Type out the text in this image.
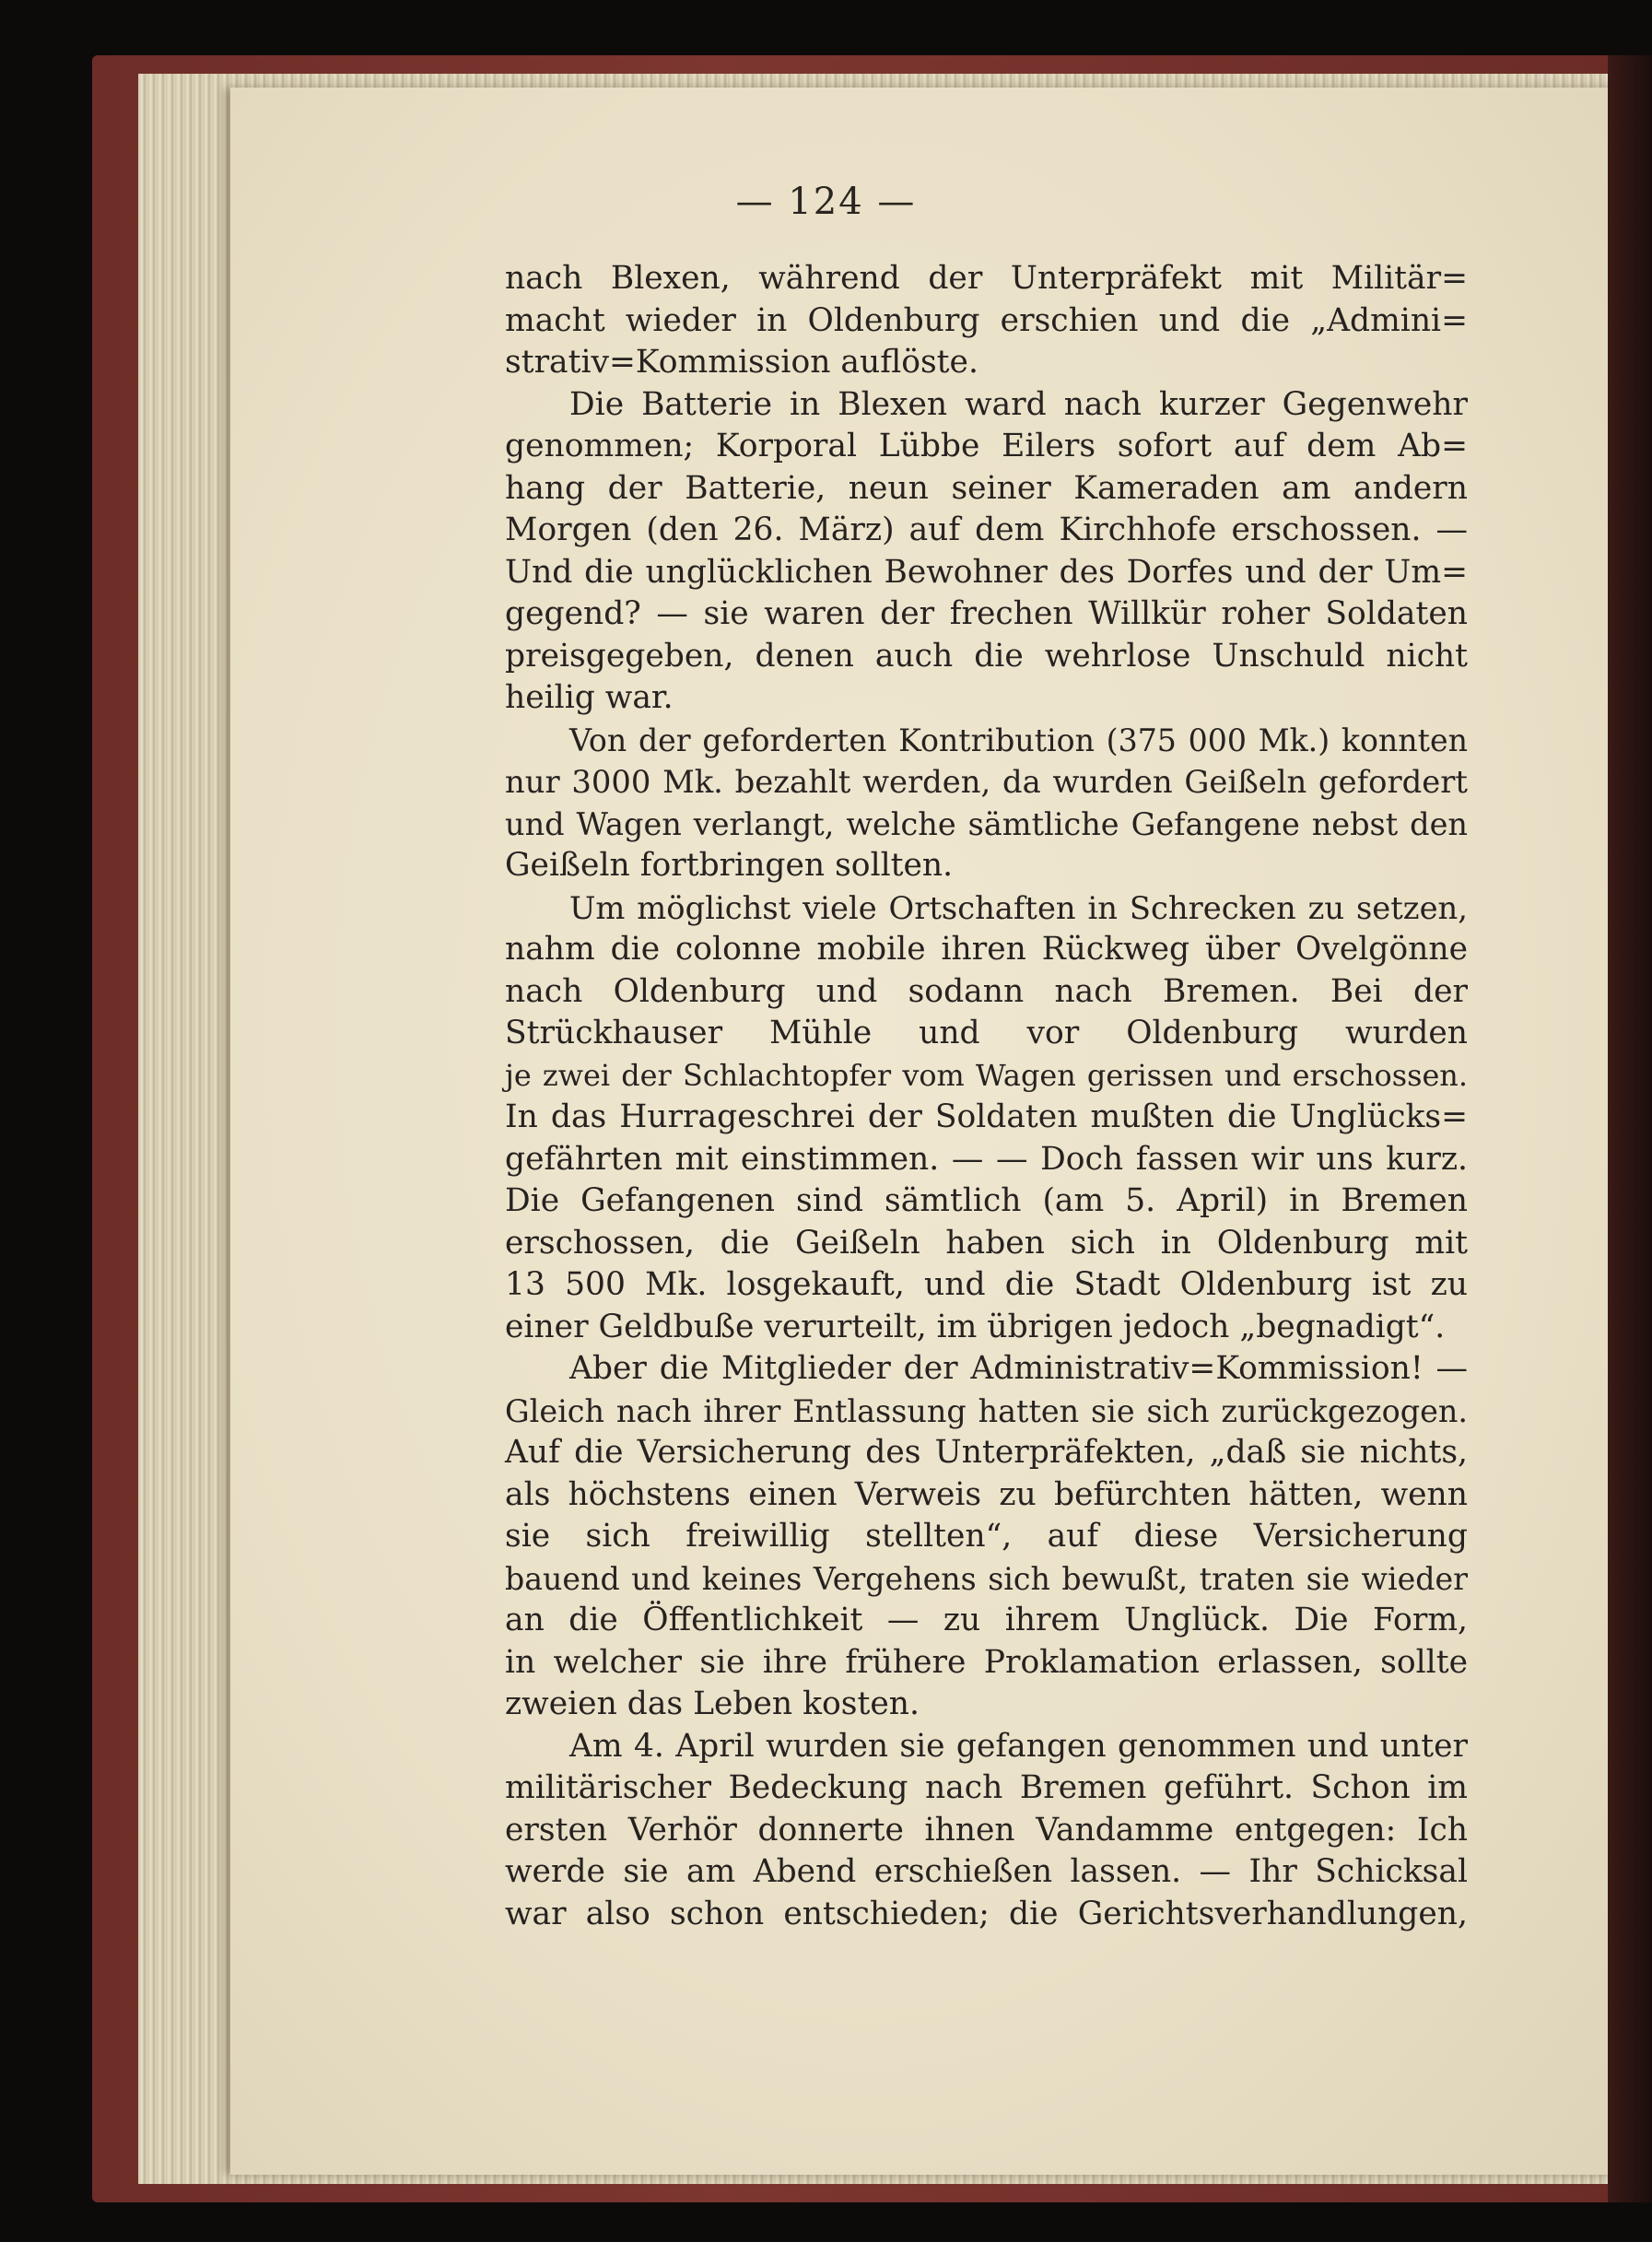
— 124 —
nach Blexen, während der Unterpräfekt mit Militär=
macht wieder in Oldenburg erschien und die „Admini=
strativ=Kommission auflöste.
Die Batterie in Blexen ward nach kurzer Gegenwehr
genommen; Korporal Lübbe Eilers sofort auf dem Ab=
hang der Batterie, neun seiner Kameraden am andern
Morgen (den 26. März) auf dem Kirchhofe erschossen. —
Und die unglücklichen Bewohner des Dorfes und der Um=
gegend? — sie waren der frechen Willkür roher Soldaten
preisgegeben, denen auch die wehrlose Unschuld nicht
heilig war.
Von der geforderten Kontribution (375 000 Mk.) konnten
nur 3000 Mk. bezahlt werden, da wurden Geißeln gefordert
und Wagen verlangt, welche sämtliche Gefangene nebst den
Geißeln fortbringen sollten.
Um möglichst viele Ortschaften in Schrecken zu setzen,
nahm die colonne mobile ihren Rückweg über Ovelgönne
nach Oldenburg und sodann nach Bremen. Bei der
Strückhauser Mühle und vor Oldenburg wurden
je zwei der Schlachtopfer vom Wagen gerissen und erschossen.
In das Hurrageschrei der Soldaten mußten die Unglücks=
gefährten mit einstimmen. — — Doch fassen wir uns kurz.
Die Gefangenen sind sämtlich (am 5. April) in Bremen
erschossen, die Geißeln haben sich in Oldenburg mit
13 500 Mk. losgekauft, und die Stadt Oldenburg ist zu
einer Geldbuße verurteilt, im übrigen jedoch „begnadigt“.
Aber die Mitglieder der Administrativ=Kommission! —
Gleich nach ihrer Entlassung hatten sie sich zurückgezogen.
Auf die Versicherung des Unterpräfekten, „daß sie nichts,
als höchstens einen Verweis zu befürchten hätten, wenn
sie sich freiwillig stellten“, auf diese Versicherung
bauend und keines Vergehens sich bewußt, traten sie wieder
an die Öffentlichkeit — zu ihrem Unglück. Die Form,
in welcher sie ihre frühere Proklamation erlassen, sollte
zweien das Leben kosten.
Am 4. April wurden sie gefangen genommen und unter
militärischer Bedeckung nach Bremen geführt. Schon im
ersten Verhör donnerte ihnen Vandamme entgegen: Ich
werde sie am Abend erschießen lassen. — Ihr Schicksal
war also schon entschieden; die Gerichtsverhandlungen,
